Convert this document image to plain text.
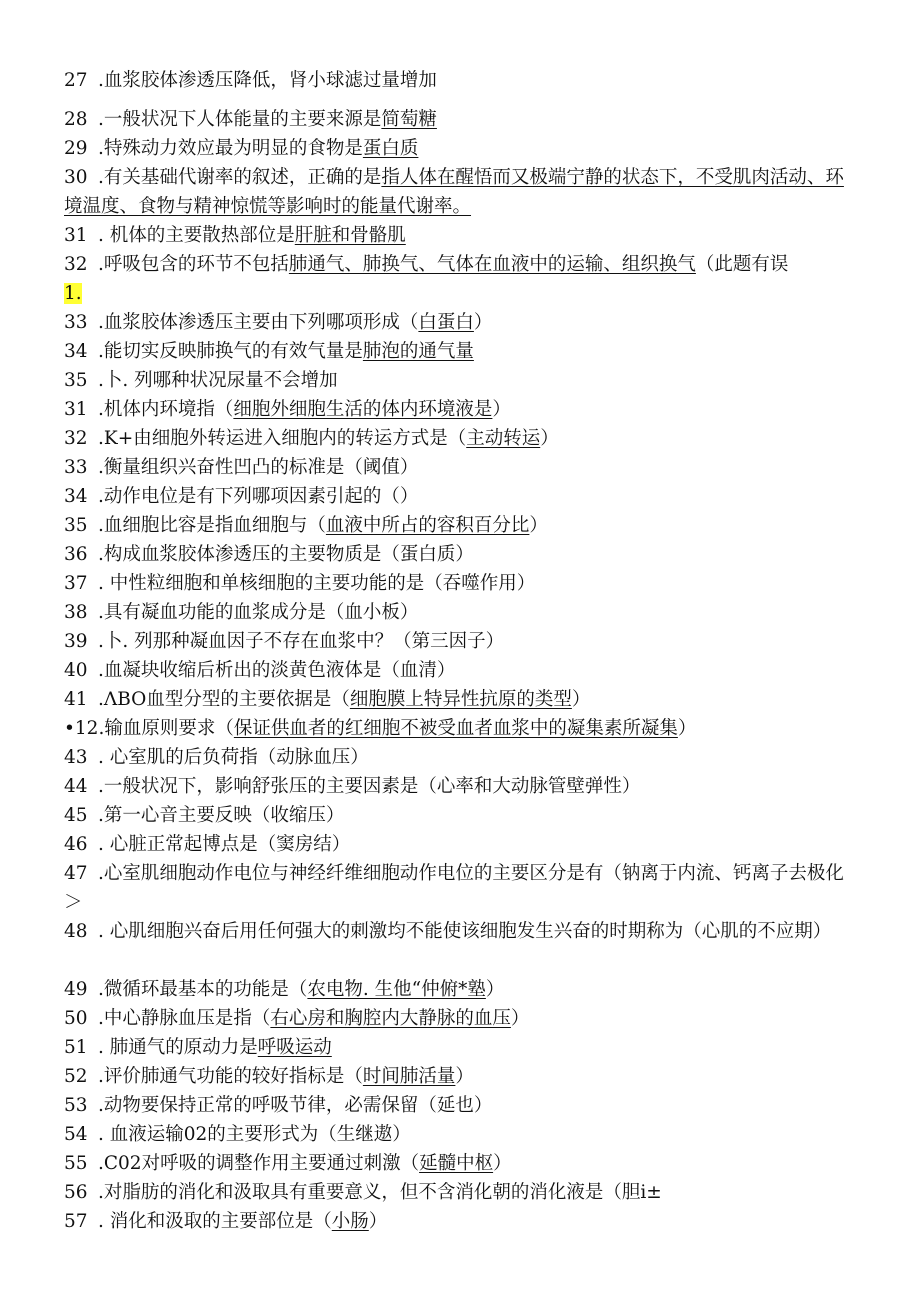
27 .血浆胶体渗透压降低，肾小球滤过量增加
28 .一般状况下人体能量的主要来源是简萄糖
29 .特殊动力效应最为明显的食物是蛋白质
30 .有关基础代谢率的叙述，正确的是指人体在醒悟而又极端宁静的状态下，不受肌肉活动、环境温度、食物与精神惊慌等影响时的能量代谢率。
31 . 机体的主要散热部位是肝脏和骨骼肌
32 .呼吸包含的环节不包括肺通气、肺换气、气体在血液中的运输、组织换气（此题有误
1.
33 .血浆胶体渗透压主要由下列哪项形成（白蛋白）
34 .能切实反映肺换气的有效气量是肺泡的通气量
35 .卜. 列哪种状况尿量不会增加
31 .机体内环境指（细胞外细胞生活的体内环境液是）
32 .K+由细胞外转运进入细胞内的转运方式是（主动转运）
33 .衡量组织兴奋性凹凸的标准是（阈值）
34 .动作电位是有下列哪项因素引起的（）
35 .血细胞比容是指血细胞与（血液中所占的容积百分比）
36 .构成血浆胶体渗透压的主要物质是（蛋白质）
37 . 中性粒细胞和单核细胞的主要功能的是（吞噬作用）
38 .具有凝血功能的血浆成分是（血小板）
39 .卜. 列那种凝血因子不存在血浆中？（第三因子）
40 .血凝块收缩后析出的淡黄色液体是（血清）
41 .ΛBO血型分型的主要依据是（细胞膜上特异性抗原的类型）
•12.输血原则要求（保证供血者的红细胞不被受血者血浆中的凝集素所凝集）
43 . 心室肌的后负荷指（动脉血压）
44 .一般状况下，影响舒张压的主要因素是（心率和大动脉管壁弹性）
45 .第一心音主要反映（收缩压）
46 . 心脏正常起博点是（窦房结）
47 .心室肌细胞动作电位与神经纤维细胞动作电位的主要区分是有（钠离于内流、钙离子去极化＞
48 . 心肌细胞兴奋后用任何强大的刺激均不能使该细胞发生兴奋的时期称为（心肌的不应期）
49 .微循环最基本的功能是（农电物. 生他“仲俯*塾）
50 .中心静脉血压是指（右心房和胸腔内大静脉的血压）
51 . 肺通气的原动力是呼吸运动
52 .评价肺通气功能的较好指标是（时间肺活量）
53 .动物要保持正常的呼吸节律，必需保留（延也）
54 . 血液运输02的主要形式为（生继遨）
55 .C02对呼吸的调整作用主要通过刺激（延髓中枢）
56 .对脂肪的消化和汲取具有重要意义，但不含消化朝的消化液是（胆i±
57 . 消化和汲取的主要部位是（小肠）
